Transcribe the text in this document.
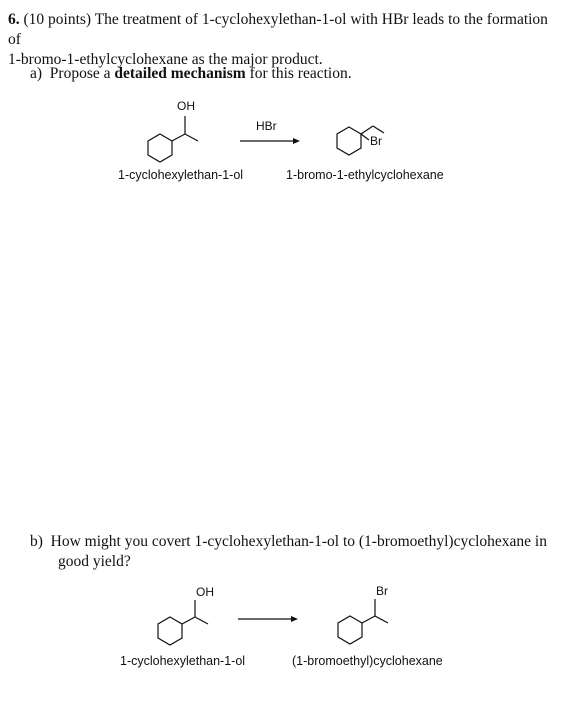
6. (10 points) The treatment of 1-cyclohexylethan-1-ol with HBr leads to the formation of
1-bromo-1-ethylcyclohexane as the major product.
a) Propose a detailed mechanism for this reaction.
OH
HBr
Br
OH	Br
1-cyclohexylethan-1-ol	1-bromo-1-ethylcyclohexane
b) How might you covert 1-cyclohexylethan-1-ol to (1-bromoethyl)cyclohexane in
good yield?
1-cyclohexylethan-1-ol	(1-bromoethyl)cyclohexane
